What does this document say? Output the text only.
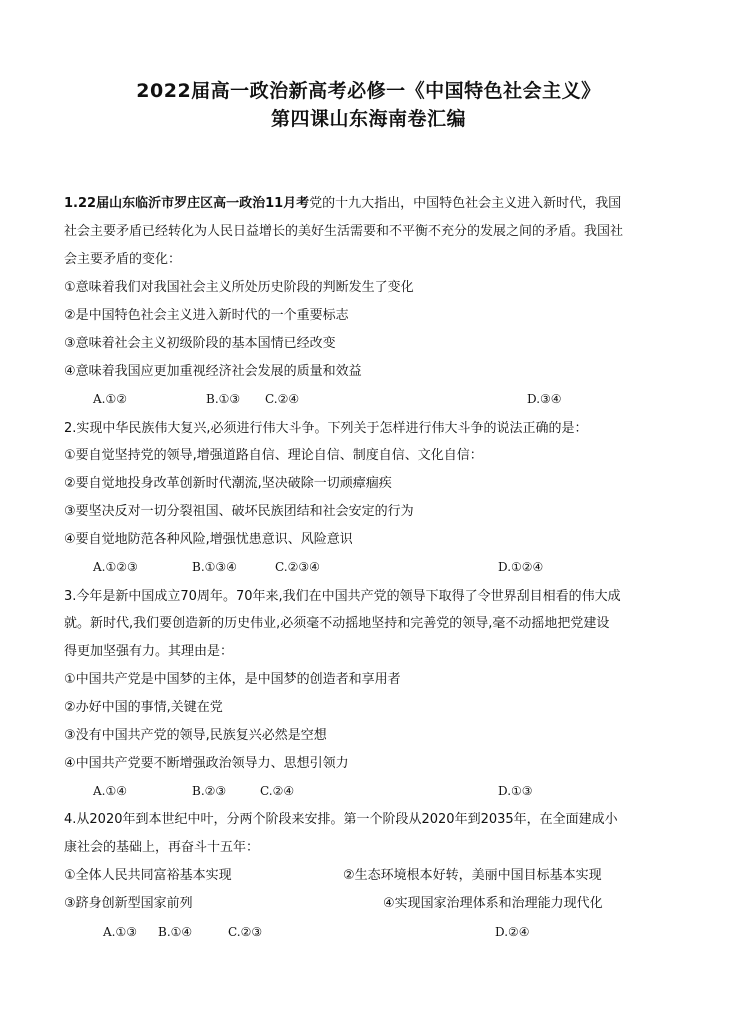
2022届高一政治新高考必修一《中国特色社会主义》
第四课山东海南卷汇编
1.22届山东临沂市罗庄区高一政治11月考党的十九大指出，中国特色社会主义进入新时代，我国
社会主要矛盾已经转化为人民日益增长的美好生活需要和不平衡不充分的发展之间的矛盾。我国社
会主要矛盾的变化：
①意味着我们对我国社会主义所处历史阶段的判断发生了变化
②是中国特色社会主义进入新时代的一个重要标志
③意味着社会主义初级阶段的基本国情已经改变
④意味着我国应更加重视经济社会发展的质量和效益
A.①②	B.①③ C.②④	D.③④
2.实现中华民族伟大复兴,必须进行伟大斗争。下列关于怎样进行伟大斗争的说法正确的是：
①要自觉坚持党的领导,增强道路自信、理论自信、制度自信、文化自信：
②要自觉地投身改革创新时代潮流,坚决破除一切顽瘴痼疾
③要坚决反对一切分裂祖国、破坏民族团结和社会安定的行为
④要自觉地防范各种风险,增强忧患意识、风险意识
A.①②③	B.①③④	C.②③④	D.①②④
3.今年是新中国成立70周年。70年来,我们在中国共产党的领导下取得了令世界刮目相看的伟大成
就。新时代,我们要创造新的历史伟业,必须毫不动摇地坚持和完善党的领导,毫不动摇地把党建设
得更加坚强有力。其理由是：
①中国共产党是中国梦的主体，是中国梦的创造者和享用者
②办好中国的事情,关键在党
③没有中国共产党的领导,民族复兴必然是空想
④中国共产党要不断增强政治领导力、思想引领力
A.①④	B.②③	C.②④	D.①③
4.从2020年到本世纪中叶，分两个阶段来安排。第一个阶段从2020年到2035年，在全面建成小
康社会的基础上，再奋斗十五年：
①全体人民共同富裕基本实现	②生态环境根本好转，美丽中国目标基本实现
③跻身创新型国家前列	④实现国家治理体系和治理能力现代化
A.①③ B.①④	C.②③	D.②④
